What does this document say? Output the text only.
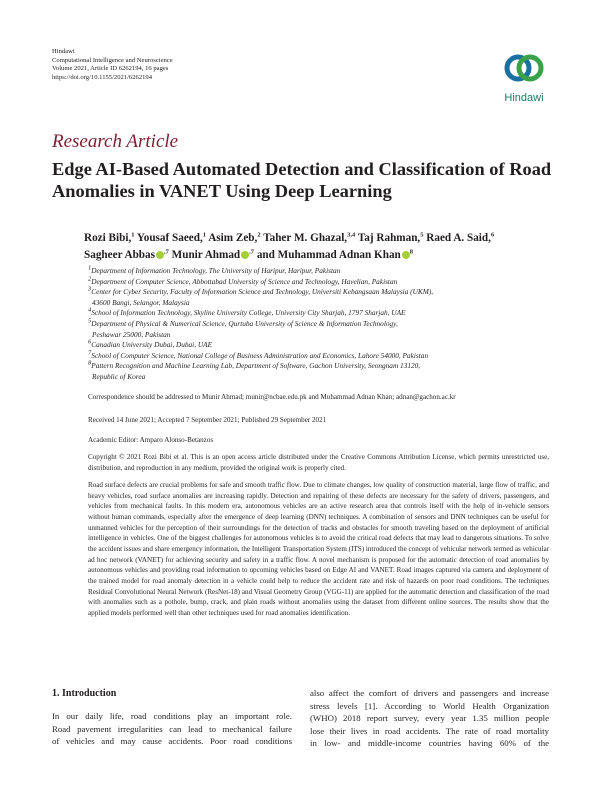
Hindawi
Computational Intelligence and Neuroscience
Volume 2021, Article ID 6262194, 16 pages
https://doi.org/10.1155/2021/6262194
Hindawi
Research Article
Edge AI-Based Automated Detection and Classification of Road Anomalies in VANET Using Deep Learning
Rozi Bibi,$^1$ Yousaf Saeed,$^1$ Asim Zeb,$^2$ Taher M. Ghazal,$^{3,4}$ Taj Rahman,$^5$ Raed A. Said,$^6$ Sagheer Abbas $^{,7}$ Munir Ahmad $^{,7}$ and Muhammad Adnan Khan $^8$
$^1$Department of Information Technology, The University of Haripur, Haripur, Pakistan
$^2$Department of Computer Science, Abbottabad University of Science and Technology, Havelian, Pakistan
$^3$Center for Cyber Security, Faculty of Information Science and Technology, Universiti Kebangsaan Malaysia (UKM),
43600 Bangi, Selangor, Malaysia
$^4$School of Information Technology, Skyline University College, University City Sharjah, 1797 Sharjah, UAE
$^5$Department of Physical & Numerical Science, Qurtuba University of Science & Information Technology,
Peshawar 25000, Pakistan
$^6$Canadian University Dubai, Dubai, UAE
$^7$School of Computer Science, National College of Business Administration and Economics, Lahore 54000, Pakistan
$^8$Pattern Recognition and Machine Learning Lab, Department of Software, Gachon University, Seongnam 13120,
Republic of Korea
Correspondence should be addressed to Munir Ahmad; munir@ncbae.edu.pk and Muhammad Adnan Khan; adnan@gachon.ac.kr
Received 14 June 2021; Accepted 7 September 2021; Published 29 September 2021
Academic Editor: Amparo Alonso-Betanzos
Copyright © 2021 Rozi Bibi et al. This is an open access article distributed under the Creative Commons Attribution License, which permits unrestricted use, distribution, and reproduction in any medium, provided the original work is properly cited.
Road surface defects are crucial problems for safe and smooth traffic flow. Due to climate changes, low quality of construction material, large flow of traffic, and heavy vehicles, road surface anomalies are increasing rapidly. Detection and repairing of these defects are necessary for the safety of drivers, passengers, and vehicles from mechanical faults. In this modern era, autonomous vehicles are an active research area that controls itself with the help of in-vehicle sensors without human commands, especially after the emergence of deep learning (DNN) techniques. A combination of sensors and DNN techniques can be useful for unmanned vehicles for the perception of their surroundings for the detection of tracks and obstacles for smooth traveling based on the deployment of artificial intelligence in vehicles. One of the biggest challenges for autonomous vehicles is to avoid the critical road defects that may lead to dangerous situations. To solve the accident issues and share emergency information, the Intelligent Transportation System (ITS) introduced the concept of vehicular network termed as vehicular ad hoc network (VANET) for achieving security and safety in a traffic flow. A novel mechanism is proposed for the automatic detection of road anomalies by autonomous vehicles and providing road information to upcoming vehicles based on Edge AI and VANET. Road images captured via camera and deployment of the trained model for road anomaly detection in a vehicle could help to reduce the accident rate and risk of hazards on poor road conditions. The techniques Residual Convolutional Neural Network (ResNet-18) and Visual Geometry Group (VGG-11) are applied for the automatic detection and classification of the road with anomalies such as a pothole, bump, crack, and plain roads without anomalies using the dataset from different online sources. The results show that the applied models performed well than other techniques used for road anomalies identification.
1. Introduction
In our daily life, road conditions play an important role.
Road pavement irregularities can lead to mechanical failure
of vehicles and may cause accidents. Poor road conditions
also affect the comfort of drivers and passengers and increase
stress levels [1]. According to World Health Organization
(WHO) 2018 report survey, every year 1.35 million people
lose their lives in road accidents. The rate of road mortality
in low- and middle-income countries having 60% of the
